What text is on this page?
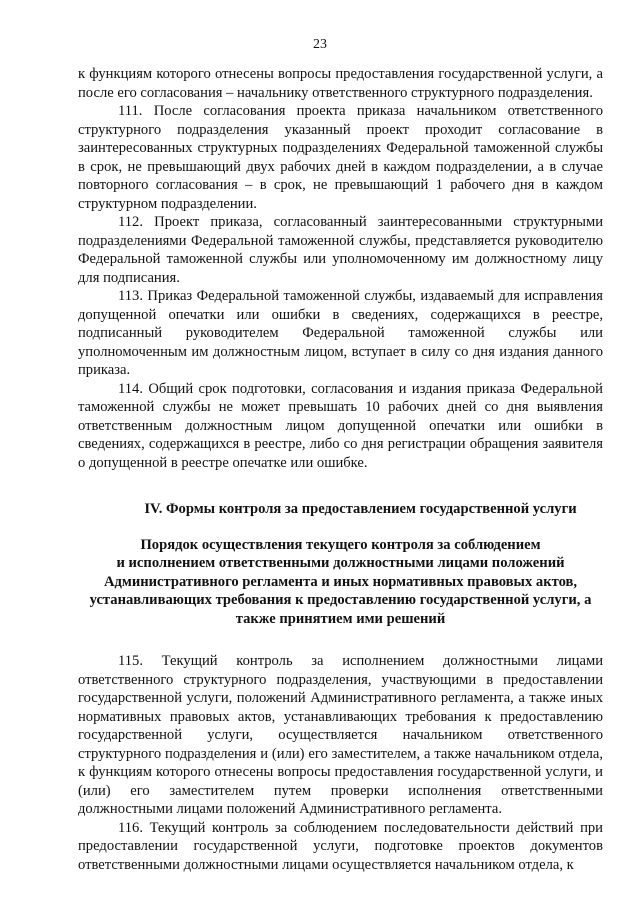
23

к функциям которого отнесены вопросы предоставления государственной услуги, а после его согласования – начальнику ответственного структурного подразделения.

111. После согласования проекта приказа начальником ответственного структурного подразделения указанный проект проходит согласование в заинтересованных структурных подразделениях Федеральной таможенной службы в срок, не превышающий двух рабочих дней в каждом подразделении, а в случае повторного согласования – в срок, не превышающий 1 рабочего дня в каждом структурном подразделении.

112. Проект приказа, согласованный заинтересованными структурными подразделениями Федеральной таможенной службы, представляется руководителю Федеральной таможенной службы или уполномоченному им должностному лицу для подписания.

113. Приказ Федеральной таможенной службы, издаваемый для исправления допущенной опечатки или ошибки в сведениях, содержащихся в реестре, подписанный руководителем Федеральной таможенной службы или уполномоченным им должностным лицом, вступает в силу со дня издания данного приказа.

114. Общий срок подготовки, согласования и издания приказа Федеральной таможенной службы не может превышать 10 рабочих дней со дня выявления ответственным должностным лицом допущенной опечатки или ошибки в сведениях, содержащихся в реестре, либо со дня регистрации обращения заявителя о допущенной в реестре опечатке или ошибке.

IV. Формы контроля за предоставлением государственной услуги
Порядок осуществления текущего контроля за соблюдением
и исполнением ответственными должностными лицами положений
Административного регламента и иных нормативных правовых актов,
устанавливающих требования к предоставлению государственной услуги, а
также принятием ими решений

115. Текущий контроль за исполнением должностными лицами ответственного структурного подразделения, участвующими в предоставлении государственной услуги, положений Административного регламента, а также иных нормативных правовых актов, устанавливающих требования к предоставлению государственной услуги, осуществляется начальником ответственного структурного подразделения и (или) его заместителем, а также начальником отдела, к функциям которого отнесены вопросы предоставления государственной услуги, и (или) его заместителем путем проверки исполнения ответственными должностными лицами положений Административного регламента.

116. Текущий контроль за соблюдением последовательности действий при предоставлении государственной услуги, подготовке проектов документов ответственными должностными лицами осуществляется начальником отдела, к
